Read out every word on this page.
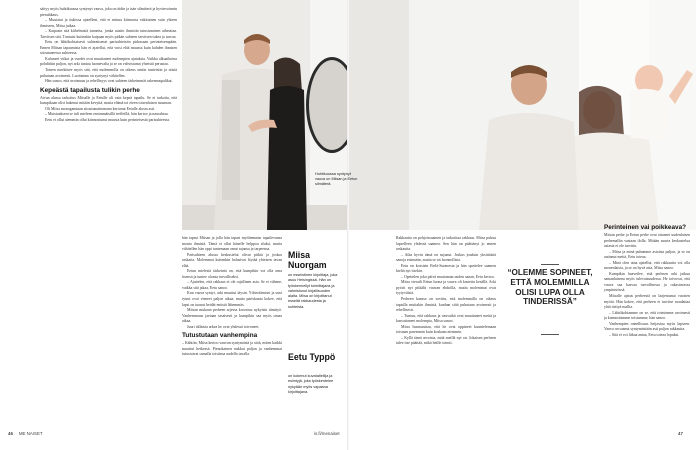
sättyy myös huhtikuussa syntynyt vauva, joka on äidin ja isän silmäterä ja hyvinvoinnin pienuhkaus.

– Muutatat ja tiukissa ajatelleni, että ei minua kiinnosta vakituinen vain yhteen ihmiseen, Miisa jatkaa.

– Kaipasin sitä kiihelmistä tunnetta, jonka uusiin ihmisiin tutustuminen aiheuttaa. Tarvitsen sitä. Tuntuisi kuitenkin kaipaan myös pitkän suhteen tarvitsen tukea ja turvaa.

Eetu on lähtökohtaisesti suhteattomat parisuhteisiin pidossaan perinteisempään. Ennen Miisan tapaamista hän ei ajatellut, että voisi elää muussa kuin kahden ihmisen sitoutuneessa suhteessa.

Kuluneet viikot ja vuodet ovat muuttaneet molempien ajatuksia. Vaikka alkuaikoina pohdittiin paljon, nyt arki tuntuu luontevalta ja se on vahvistanut yhteistä perustaa.

Toinen merkitsee myös sitä, että molemmilla on oikeus omiin tunteisiin ja niistä puhutaan avoimesti. Luottamus on syntynyt vähitellen.

Hän sanoo, että avoimuus ja rehellisyys ovat suhteen tärkeimmät rakennuspalikat.

Kepeästä tapailusta tulikin perhe

Aivan alussa tarkoitus Miisalle ja Eetulle oli vain kepeä tapailu. Se ei tarkoita, että kumpikaan olisi hakenut mitään kevyttä, mutta elämä toi eteen toisenlaisen suunnan.

Oli Miisa monogamiaan sitoutumattomana kertonut Eetulle alusta asti.

– Muistaakseni se tuli mieleen ensimmäisillä treffeillä, hän kertoo ja naurahtaa.

Eetu ei ollut aiemmin ollut kiinnostunut muusta kuin perinteisestä parisuhteesta.

Huhtikuussa syntynyt vauva on Miisan ja Eetun silmäterä.

hän tapasi Miisan ja jolla hän tapasi myöhemmin tapailevansa monia ihmisiä. Tämä ei ollut hänelle helppoa aluksi, mutta vähitellen hän oppi tuntemaan omat rajansa ja tarpeensa.

Parisuhteen alussa keskustelut olivat pitkiä ja joskus raskaita. Molemmat kuitenkin halusivat löytää yhteisen tavan elää.

Eetun mielestä tärkeintä on, että kumpikin voi olla oma itsensä ja tuntee olonsa turvalliseksi.

– Ajattelen, että rakkaus ei ole rajallinen asia. Se ei vähene, vaikka sitä jakaa, Eetu sanoo.

Kun vauva syntyi, arki muuttui täysin. Yöheräämiset ja uusi rytmi ovat vieneet paljon aikaa, mutta pariskunta kokee, että lapsi on tuonut heidät entistä lähemmäs.

Miisan mukaan perheen arjessa korostuu nykyisin tiimityö. Vanhemmuus jaetaan tasaisesti ja kumpikin saa myös omaa aikaa.

Juuri tällaista arkea he ovat yhdessä toivoneet.

Tutustutaan vanhempina

– Kähtiin, Miisa kertoo vauvan syntymästä ja siitä, miten kaikki muuttui hetkessä. Pienokainen nukkui paljon ja vanhemmat tutustuivat samalla toisiinsa uudella tavalla.

Miisa Nuorgam
on esseistinen kirjoittaja, joka asuu Helsingissä. Hän on työskennellyt toimittajana ja valmistunut kirjallisuuden alalta. Miisa on kirjoittanut esseitä rakkaudesta ja suhteista.
Eetu Typpö
on kokenut kuvataiteilija ja esiintyjä, joka työskentelee nykyään myös vapaana kirjoittajana.

Rakkautta on pohjoissaamen ja tarkoittaa rakkaus. Miisa puhuu lapselleen yhdessä saamea. Sen hän on päättänyt jo ennen raskautta.

– Aika hyvin tämä on sujunut. Joskus jouduin yksittäisiä sanoja etsimään, mutta se on luonnollista.

Eetu on kotoisin Etelä-Suomesta ja hän opettelee saamen kieltä nyt itsekin.

– Opettelen joka päivä muutaman uuden sanan, Eetu kertoo.

Miisa vieraili Eetun luona ja vauva oli kastettu kesällä. Arki pyörii nyt pitkälti vauvan ehdoilla, mutta molemmat ovat tyytyväisiä.

Perheen kanssa on sovittu, että molemmilla on oikeus tapailla muitakin ihmisiä, kunhan siitä puhutaan avoimesti ja rehellisesti.

– Tuntuu, että rakkaus ja vauvaikä ovat muuttaneet meitä ja kasvattaneet molempia, Miisa sanoo.

Miisa huomauttaa, että he ovat oppineet kuuntelemaan toisiaan paremmin kuin koskaan aiemmin.

– Kyllä tämä arvoista, mitä meillä nyt on. Jokaisen perheen tulee itse päättää, mikä heille toimii.

“OLEMME SOPINEET, ETTÄ MOLEMMILLA OLISI LUPA OLLA TINDERISSÄ”
Perinteinen vai poikkeava?

Miisan perhe ja Eetun perhe ovat ottaneet uudenlaisen perhemallin vastaan ilolla. Mitään suurta keskustelua asiasta ei ole tarvittu.

– Miisa ja minä puhumme asioista paljon, ja se on auttanut meitä, Eetu toteaa.

– Minä olen aina ajatellut, että rakkautta voi olla monenlaista, ja se on hyvä asia, Miisa sanoo.

Kumpikin haaveilee, että perheen arki jatkuu samanlaisena myös tulevaisuudessa. He toivovat, että vauva saa kasvaa turvallisessa ja rakastavassa ympäristössä.

Miisalle ajatus perheestä on laajentunut vuosien myötä. Hän kokee, että perheen ei tarvitse noudattaa yhtä tiettyä mallia.

– Lähtökohtamme on se, että toimimme avoimesti ja kunnioitamme toisiamme, hän sanoo.

Vanhempien onnellisuus heijastuu myös lapseen. Vauva on saanut syntymästään asti paljon rakkautta.

– Sitä ei voi liikaa antaa, Eetu toteaa lopuksi.

46 ME NAISET	is.fi/menaiset	47
